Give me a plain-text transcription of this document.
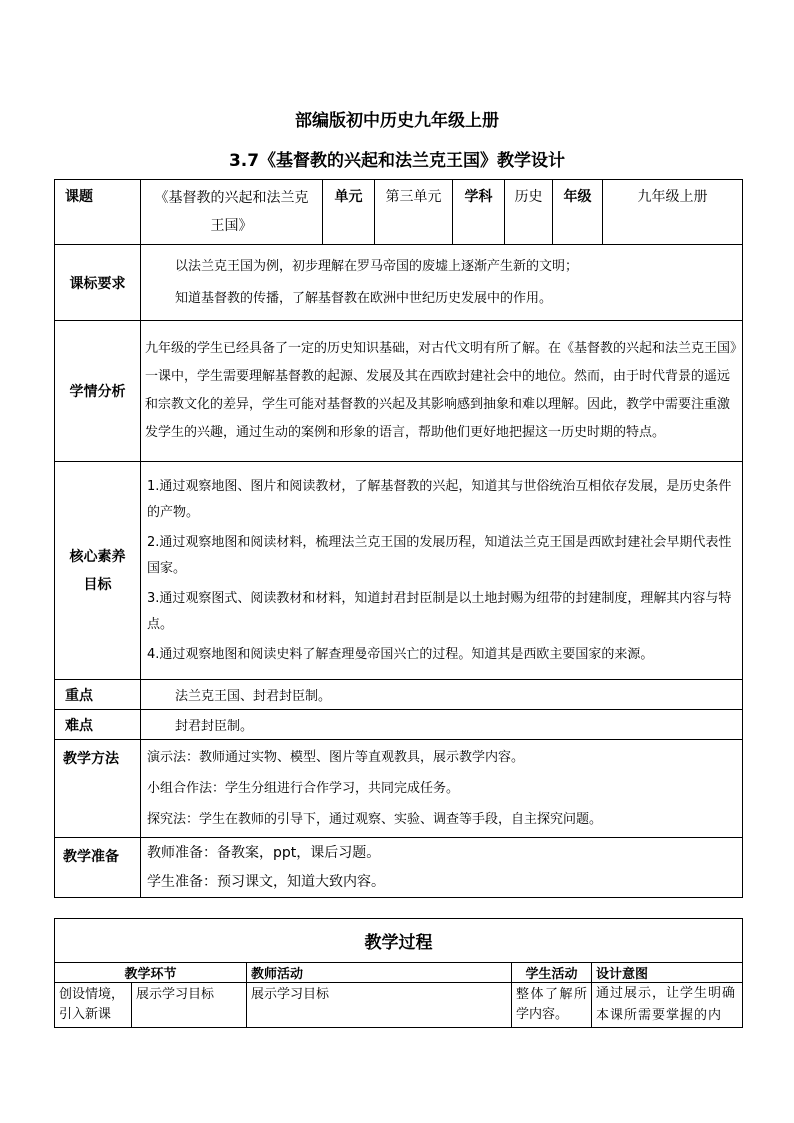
部编版初中历史九年级上册
3.7《基督教的兴起和法兰克王国》教学设计
课题	《基督教的兴起和法兰克王国》	单元	第三单元	学科	历史	年级	九年级上册
课标要求	以法兰克王国为例，初步理解在罗马帝国的废墟上逐渐产生新的文明；
知道基督教的传播，了解基督教在欧洲中世纪历史发展中的作用。						

学情分析	九年级的学生已经具备了一定的历史知识基础，对古代文明有所了解。在《基督教的兴起和法兰克王国》一课中，学生需要理解基督教的起源、发展及其在西欧封建社会中的地位。然而，由于时代背景的遥远和宗教文化的差异，学生可能对基督教的兴起及其影响感到抽象和难以理解。因此，教学中需要注重激发学生的兴趣，通过生动的案例和形象的语言，帮助他们更好地把握这一历史时期的特点。						
核心素养目标	1.通过观察地图、图片和阅读教材，了解基督教的兴起，知道其与世俗统治互相依存发展，是历史条件的产物。
2.通过观察地图和阅读材料，梳理法兰克王国的发展历程，知道法兰克王国是西欧封建社会早期代表性国家。
3.通过观察图式、阅读教材和材料，知道封君封臣制是以土地封赐为纽带的封建制度，理解其内容与特点。
4.通过观察地图和阅读史料了解查理曼帝国兴亡的过程。知道其是西欧主要国家的来源。						

重点	法兰克王国、封君封臣制。						
难点	封君封臣制。						
教学方法	演示法：教师通过实物、模型、图片等直观教具，展示教学内容。
小组合作法：学生分组进行合作学习，共同完成任务。
探究法：学生在教师的引导下，通过观察、实验、调查等手段，自主探究问题。						

教学准备	教师准备：备教案，ppt，课后习题。
学生准备：预习课文，知道大致内容。						
教学过程				
教学环节		教师活动	学生活动	设计意图
创设情境，引入新课	展示学习目标	展示学习目标	整体了解所学内容。	通过展示，让学生明确本课所需要掌握的内
